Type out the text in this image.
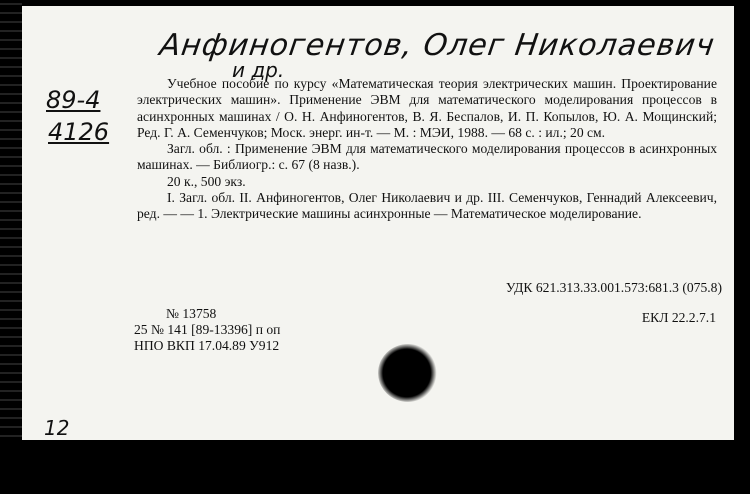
Анфиногентов, Олег Николаевич
и др.
89-4
4126

Учебное пособие по курсу «Математическая теория электрических машин. Проектирование электрических машин». Применение ЭВМ для математического моделирования процессов в асинхронных машинах / О. Н. Анфиногентов, В. Я. Беспалов, И. П. Копылов, Ю. А. Мощинский; Ред. Г. А. Семенчуков; Моск. энерг. ин-т. — М. : МЭИ, 1988. — 68 с. : ил.; 20 см.

Загл. обл. : Применение ЭВМ для математического моделирования процессов в асинхронных машинах. — Библиогр.: с. 67 (8 назв.).

20 к., 500 экз.

I. Загл. обл. II. Анфиногентов, Олег Николаевич и др. III. Семенчуков, Геннадий Алексеевич, ред. — — 1. Электрические машины асинхронные — Математическое моделирование.

УДК 621.313.33.001.573:681.3 (075.8)
№ 13758
25 № 141 [89-13396] п оп
НПО ВКП 17.04.89 У912
ЕКЛ 22.2.7.1
12
